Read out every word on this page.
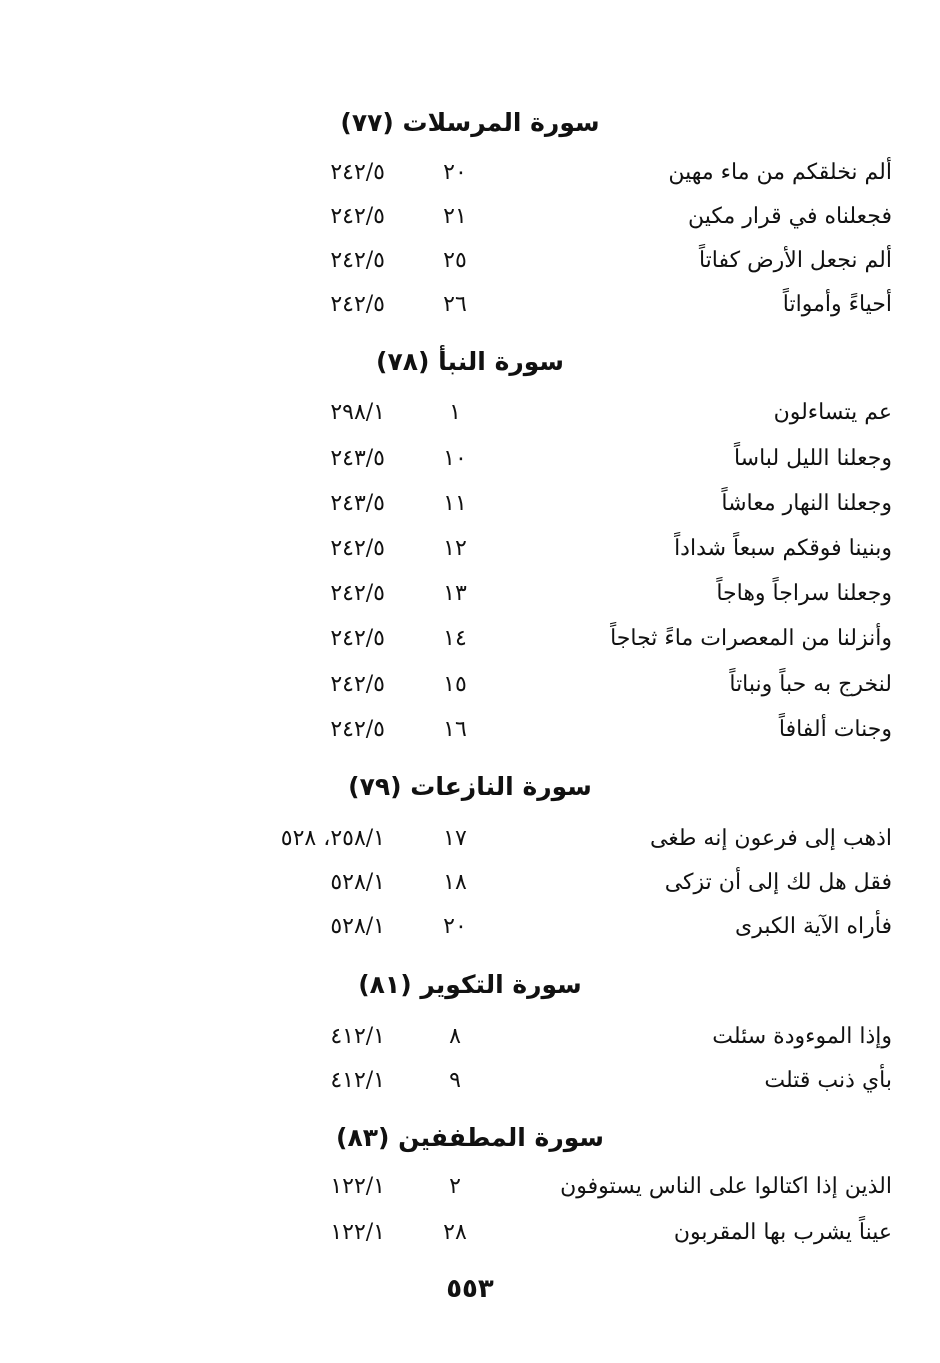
سورة المرسلات (٧٧)
ألم نخلقكم من ماء مهين
٢٠
٢٤٢/٥
فجعلناه في قرار مكين
٢١
٢٤٢/٥
ألم نجعل الأرض كفاتاً
٢٥
٢٤٢/٥
أحياءً وأمواتاً
٢٦
٢٤٢/٥
سورة النبأ (٧٨)
عم يتساءلون
١
٢٩٨/١
وجعلنا الليل لباساً
١٠
٢٤٣/٥
وجعلنا النهار معاشاً
١١
٢٤٣/٥
وبنينا فوقكم سبعاً شداداً
١٢
٢٤٢/٥
وجعلنا سراجاً وهاجاً
١٣
٢٤٢/٥
وأنزلنا من المعصرات ماءً ثجاجاً
١٤
٢٤٢/٥
لنخرج به حباً ونباتاً
١٥
٢٤٢/٥
وجنات ألفافاً
١٦
٢٤٢/٥
سورة النازعات (٧٩)
اذهب إلى فرعون إنه طغى
١٧
٢٥٨/١، ٥٢٨
فقل هل لك إلى أن تزكى
١٨
٥٢٨/١
فأراه الآية الكبرى
٢٠
٥٢٨/١
سورة التكوير (٨١)
وإذا الموءودة سئلت
٨
٤١٢/١
بأي ذنب قتلت
٩
٤١٢/١
سورة المطففين (٨٣)
الذين إذا اكتالوا على الناس يستوفون
٢
١٢٢/١
عيناً يشرب بها المقربون
٢٨
١٢٢/١
٥٥٣
